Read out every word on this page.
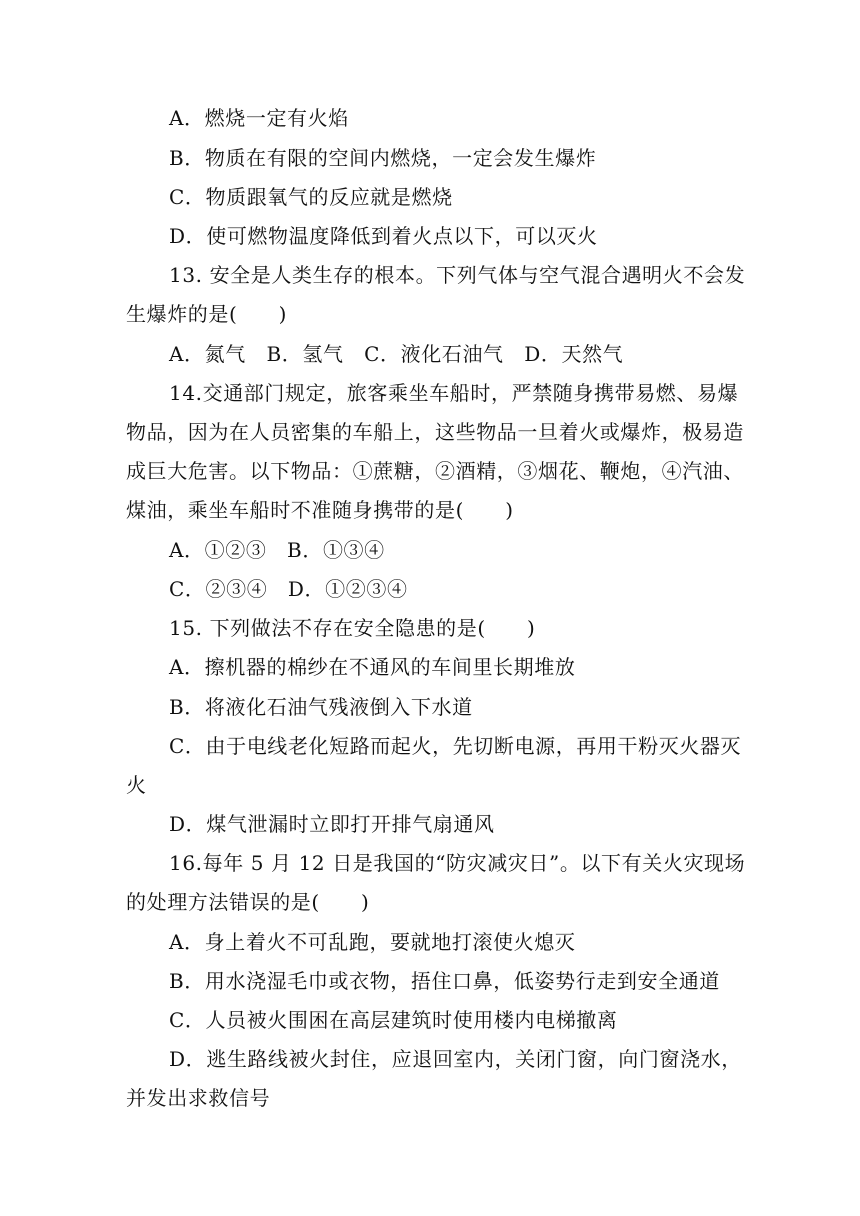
A．燃烧一定有火焰
B．物质在有限的空间内燃烧，一定会发生爆炸
C．物质跟氧气的反应就是燃烧
D．使可燃物温度降低到着火点以下，可以灭火
13. 安全是人类生存的根本。下列气体与空气混合遇明火不会发
生爆炸的是(　　)
A．氮气　B．氢气　C．液化石油气　D．天然气
14.交通部门规定，旅客乘坐车船时，严禁随身携带易燃、易爆
物品，因为在人员密集的车船上，这些物品一旦着火或爆炸，极易造
成巨大危害。以下物品：①蔗糖，②酒精，③烟花、鞭炮，④汽油、
煤油，乘坐车船时不准随身携带的是(　　)
A．①②③　B．①③④
C．②③④　D．①②③④
15. 下列做法不存在安全隐患的是(　　)
A．擦机器的棉纱在不通风的车间里长期堆放
B．将液化石油气残液倒入下水道
C．由于电线老化短路而起火，先切断电源，再用干粉灭火器灭
火
D．煤气泄漏时立即打开排气扇通风
16.每年 5 月 12 日是我国的“防灾减灾日”。以下有关火灾现场
的处理方法错误的是(　　)
A．身上着火不可乱跑，要就地打滚使火熄灭
B．用水浇湿毛巾或衣物，捂住口鼻，低姿势行走到安全通道
C．人员被火围困在高层建筑时使用楼内电梯撤离
D．逃生路线被火封住，应退回室内，关闭门窗，向门窗浇水，
并发出求救信号
